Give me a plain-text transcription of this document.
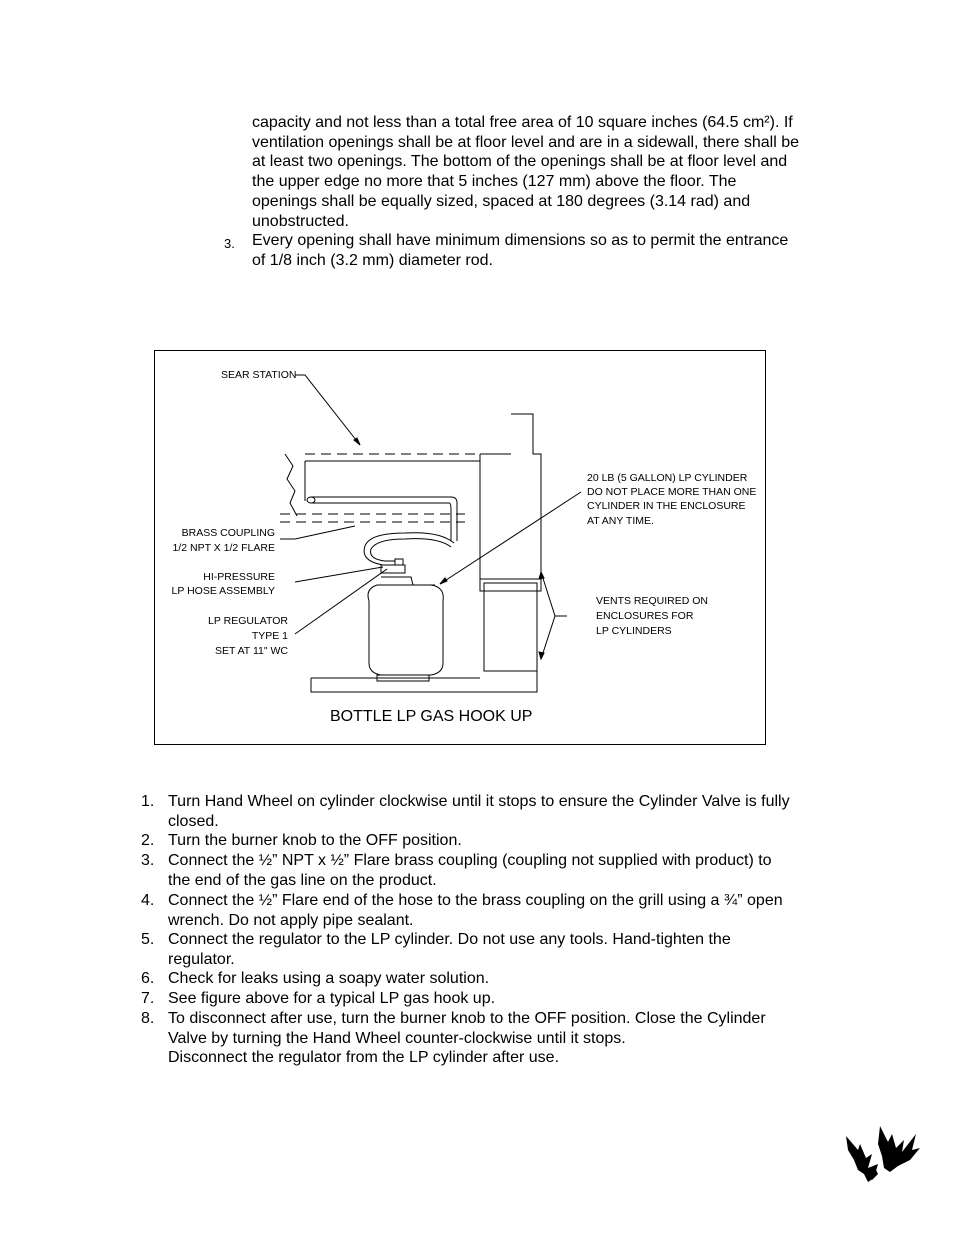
capacity and not less than a total free area of 10 square inches (64.5 cm²). If
ventilation openings shall be at floor level and are in a sidewall, there shall be
at least two openings. The bottom of the openings shall be at floor level and
the upper edge no more that 5 inches (127 mm) above the floor. The
openings shall be equally sized, spaced at 180 degrees (3.14 rad) and
unobstructed.
3. Every opening shall have minimum dimensions so as to permit the entrance
of 1/8 inch (3.2 mm) diameter rod.
SEAR STATION
BRASS COUPLING
1/2 NPT X 1/2 FLARE
HI-PRESSURE
LP HOSE ASSEMBLY
LP REGULATOR
TYPE 1
SET AT 11" WC
20 LB (5 GALLON) LP CYLINDER
DO NOT PLACE MORE THAN ONE
CYLINDER IN THE ENCLOSURE
AT ANY TIME.
VENTS REQUIRED ON
ENCLOSURES FOR
LP CYLINDERS
BOTTLE LP GAS HOOK UP
1. Turn Hand Wheel on cylinder clockwise until it stops to ensure the Cylinder Valve is fully
closed.
2. Turn the burner knob to the OFF position.
3. Connect the ½” NPT x ½” Flare brass coupling (coupling not supplied with product) to
the end of the gas line on the product.
4. Connect the ½” Flare end of the hose to the brass coupling on the grill using a ¾” open
wrench. Do not apply pipe sealant.
5. Connect the regulator to the LP cylinder. Do not use any tools. Hand-tighten the
regulator.
6. Check for leaks using a soapy water solution.
7. See figure above for a typical LP gas hook up.
8. To disconnect after use, turn the burner knob to the OFF position. Close the Cylinder
Valve by turning the Hand Wheel counter-clockwise until it stops.
Disconnect the regulator from the LP cylinder after use.
